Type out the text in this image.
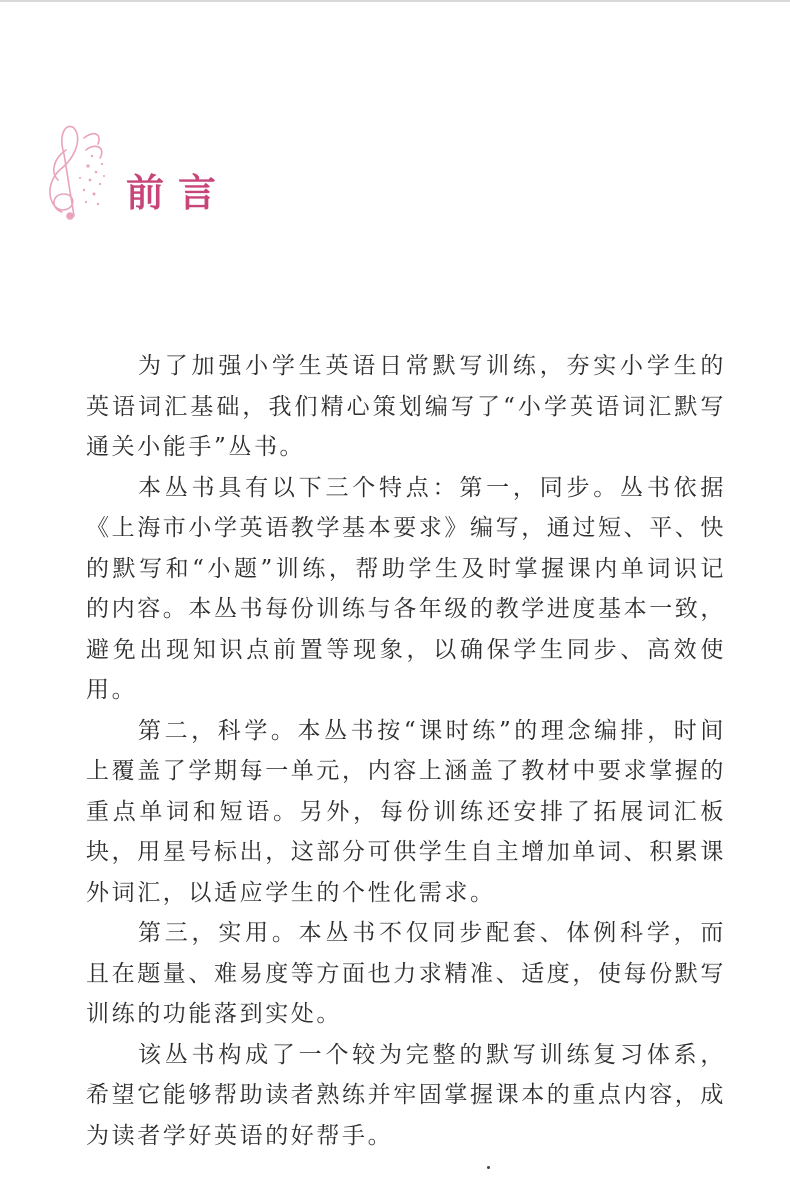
前言

为了加强小学生英语日常默写训练，夯实小学生的英语词汇基础，我们精心策划编写了“小学英语词汇默写通关小能手”丛书。

本丛书具有以下三个特点：第一，同步。丛书依据《上海市小学英语教学基本要求》编写，通过短、平、快的默写和“小题”训练，帮助学生及时掌握课内单词识记的内容。本丛书每份训练与各年级的教学进度基本一致，避免出现知识点前置等现象，以确保学生同步、高效使用。

第二，科学。本丛书按“课时练”的理念编排，时间上覆盖了学期每一单元，内容上涵盖了教材中要求掌握的重点单词和短语。另外，每份训练还安排了拓展词汇板块，用星号标出，这部分可供学生自主增加单词、积累课外词汇，以适应学生的个性化需求。

第三，实用。本丛书不仅同步配套、体例科学，而且在题量、难易度等方面也力求精准、适度，使每份默写训练的功能落到实处。

该丛书构成了一个较为完整的默写训练复习体系，希望它能够帮助读者熟练并牢固掌握课本的重点内容，成为读者学好英语的好帮手。
